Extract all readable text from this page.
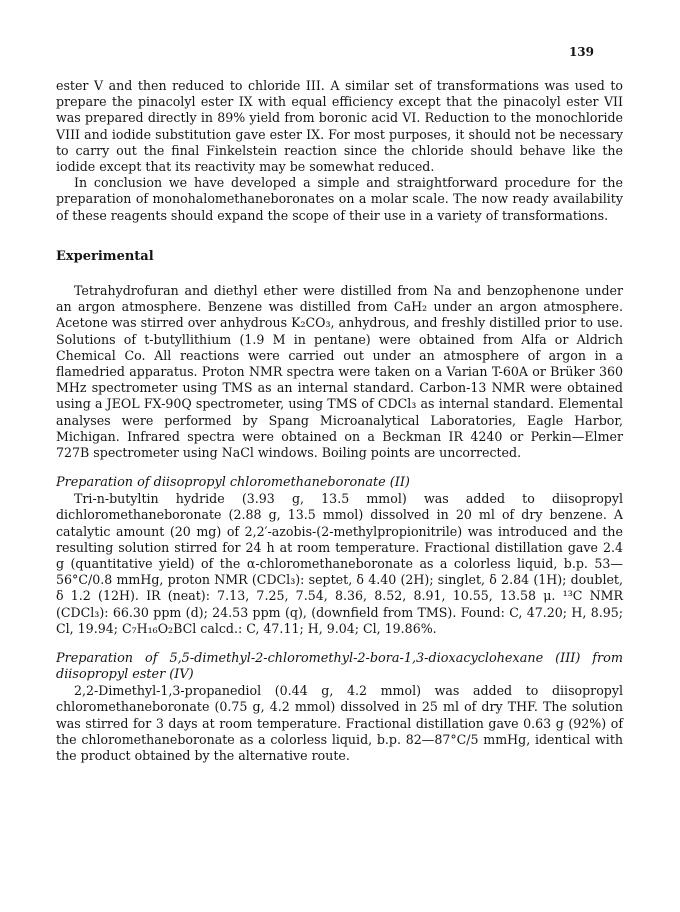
139

ester V and then reduced to chloride III. A similar set of transformations was used to prepare the pinacolyl ester IX with equal efficiency except that the pinacolyl ester VII was prepared directly in 89% yield from boronic acid VI. Reduction to the monochloride VIII and iodide substitution gave ester IX. For most purposes, it should not be necessary to carry out the final Finkelstein reaction since the chloride should behave like the iodide except that its reactivity may be somewhat reduced.

In conclusion we have developed a simple and straightforward procedure for the preparation of monohalomethaneboronates on a molar scale. The now ready availability of these reagents should expand the scope of their use in a variety of transformations.

Experimental

Tetrahydrofuran and diethyl ether were distilled from Na and benzophenone under an argon atmosphere. Benzene was distilled from CaH₂ under an argon atmosphere. Acetone was stirred over anhydrous K₂CO₃, anhydrous, and freshly distilled prior to use. Solutions of t-butyllithium (1.9 M in pentane) were obtained from Alfa or Aldrich Chemical Co. All reactions were carried out under an atmosphere of argon in a flamedried apparatus. Proton NMR spectra were taken on a Varian T-60A or Brüker 360 MHz spectrometer using TMS as an internal standard. Carbon-13 NMR were obtained using a JEOL FX-90Q spectrometer, using TMS of CDCl₃ as internal standard. Elemental analyses were performed by Spang Microanalytical Laboratories, Eagle Harbor, Michigan. Infrared spectra were obtained on a Beckman IR 4240 or Perkin—Elmer 727B spectrometer using NaCl windows. Boiling points are uncorrected.

Preparation of diisopropyl chloromethaneboronate (II)

Tri-n-butyltin hydride (3.93 g, 13.5 mmol) was added to diisopropyl dichloromethaneboronate (2.88 g, 13.5 mmol) dissolved in 20 ml of dry benzene. A catalytic amount (20 mg) of 2,2′-azobis-(2-methylpropionitrile) was introduced and the resulting solution stirred for 24 h at room temperature. Fractional distillation gave 2.4 g (quantitative yield) of the α-chloromethaneboronate as a colorless liquid, b.p. 53—56°C/0.8 mmHg, proton NMR (CDCl₃): septet, δ 4.40 (2H); singlet, δ 2.84 (1H); doublet, δ 1.2 (12H). IR (neat): 7.13, 7.25, 7.54, 8.36, 8.52, 8.91, 10.55, 13.58 μ. ¹³C NMR (CDCl₃): 66.30 ppm (d); 24.53 ppm (q), (downfield from TMS). Found: C, 47.20; H, 8.95; Cl, 19.94; C₇H₁₆O₂BCl calcd.: C, 47.11; H, 9.04; Cl, 19.86%.

Preparation of 5,5-dimethyl-2-chloromethyl-2-bora-1,3-dioxacyclohexane (III) from diisopropyl ester (IV)

2,2-Dimethyl-1,3-propanediol (0.44 g, 4.2 mmol) was added to diisopropyl chloromethaneboronate (0.75 g, 4.2 mmol) dissolved in 25 ml of dry THF. The solution was stirred for 3 days at room temperature. Fractional distillation gave 0.63 g (92%) of the chloromethaneboronate as a colorless liquid, b.p. 82—87°C/5 mmHg, identical with the product obtained by the alternative route.
